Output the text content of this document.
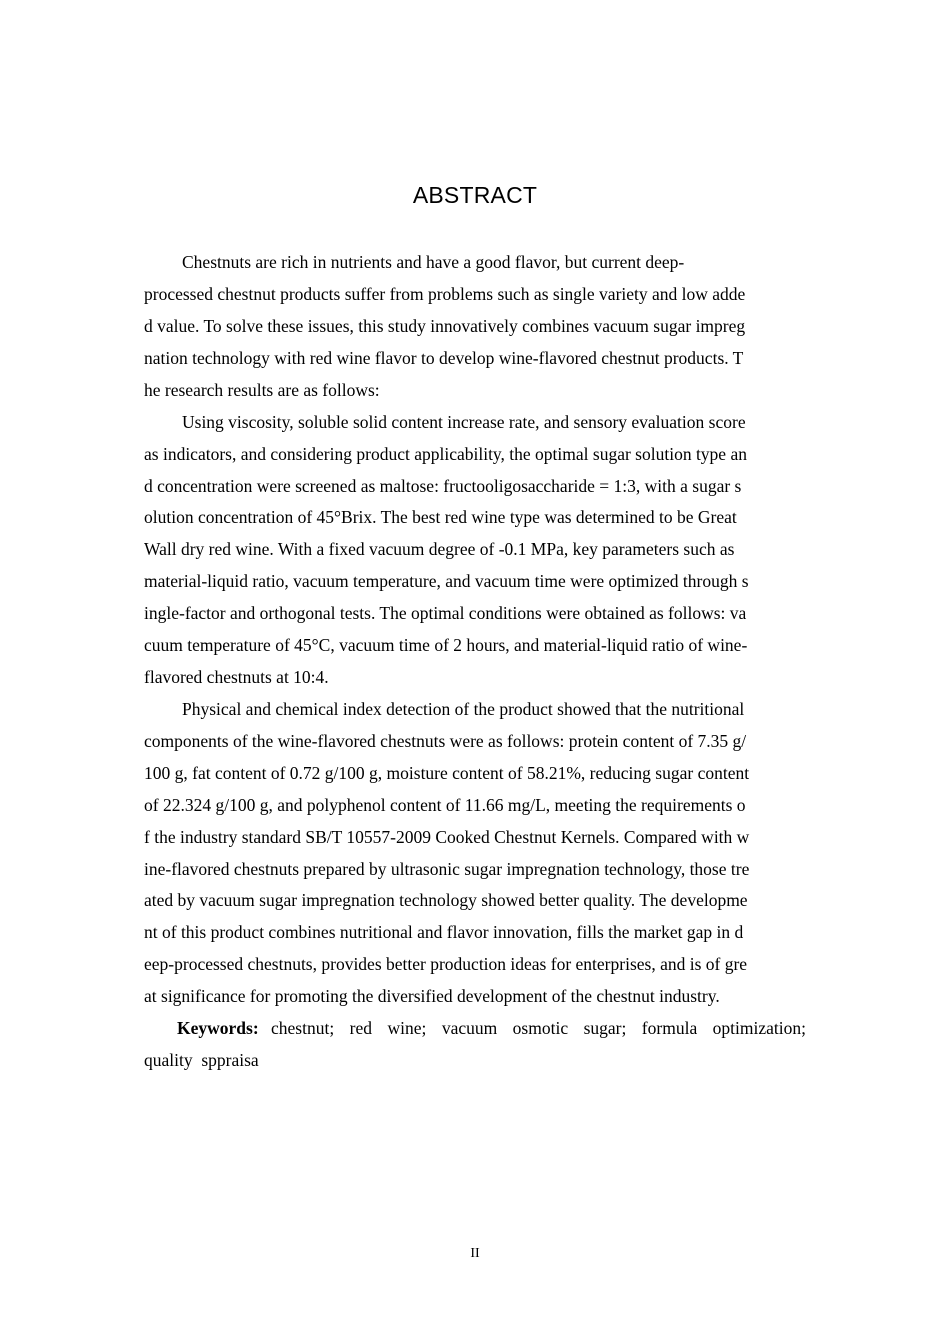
ABSTRACT
Chestnuts are rich in nutrients and have a good flavor, but current deep-
processed chestnut products suffer from problems such as single variety and low adde
d value. To solve these issues, this study innovatively combines vacuum sugar impreg
nation technology with red wine flavor to develop wine-flavored chestnut products. T
he research results are as follows:
Using viscosity, soluble solid content increase rate, and sensory evaluation score
as indicators, and considering product applicability, the optimal sugar solution type an
d concentration were screened as maltose: fructooligosaccharide = 1:3, with a sugar s
olution concentration of 45°Brix. The best red wine type was determined to be Great
Wall dry red wine. With a fixed vacuum degree of -0.1 MPa, key parameters such as
material-liquid ratio, vacuum temperature, and vacuum time were optimized through s
ingle-factor and orthogonal tests. The optimal conditions were obtained as follows: va
cuum temperature of 45°C, vacuum time of 2 hours, and material-liquid ratio of wine-
flavored chestnuts at 10:4.
Physical and chemical index detection of the product showed that the nutritional
components of the wine-flavored chestnuts were as follows: protein content of 7.35 g/
100 g, fat content of 0.72 g/100 g, moisture content of 58.21%, reducing sugar content
of 22.324 g/100 g, and polyphenol content of 11.66 mg/L, meeting the requirements o
f the industry standard SB/T 10557-2009 Cooked Chestnut Kernels. Compared with w
ine-flavored chestnuts prepared by ultrasonic sugar impregnation technology, those tre
ated by vacuum sugar impregnation technology showed better quality. The developme
nt of this product combines nutritional and flavor innovation, fills the market gap in d
eep-processed chestnuts, provides better production ideas for enterprises, and is of gre
at significance for promoting the diversified development of the chestnut industry.
Keywords: chestnut; red wine; vacuum osmotic sugar; formula optimization;
quality  sppraisa
II
